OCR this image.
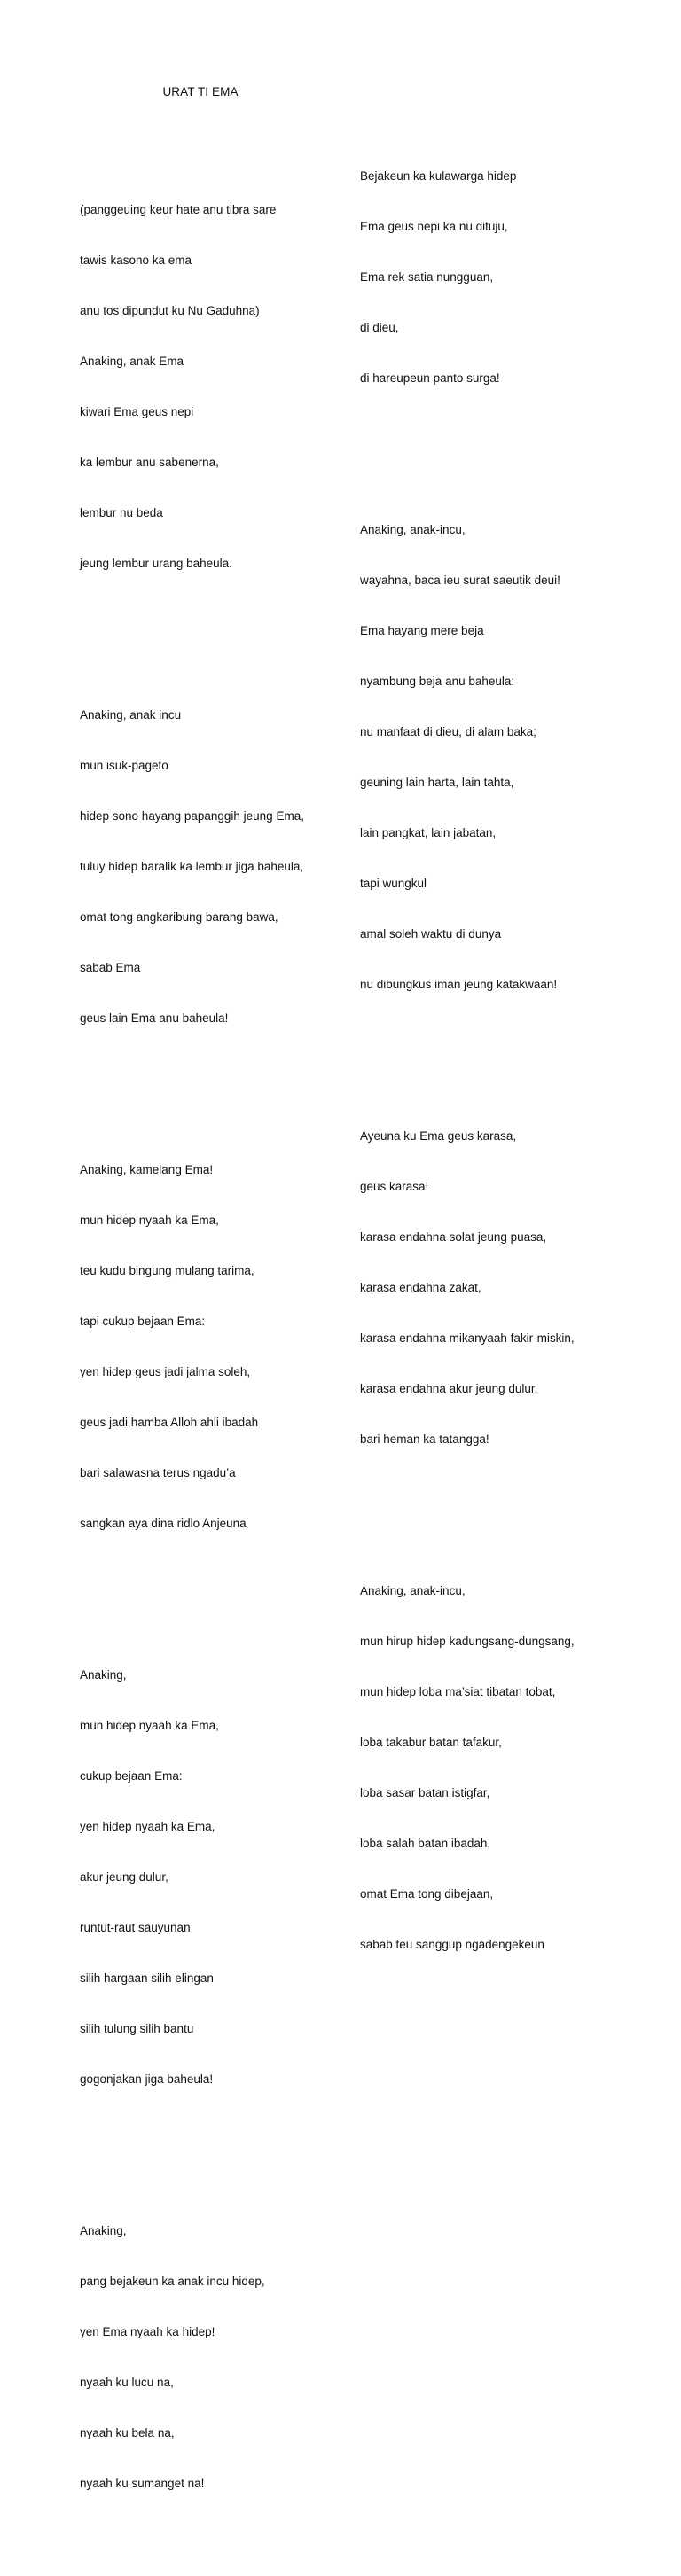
URAT TI EMA

(panggeuing keur hate anu tibra sare

tawis kasono ka ema

anu tos dipundut ku Nu Gaduhna)

Anaking, anak Ema

kiwari Ema geus nepi

ka lembur anu sabenerna,

lembur nu beda

jeung lembur urang baheula.

Anaking, anak incu

mun isuk-pageto

hidep sono hayang papanggih jeung Ema,

tuluy hidep baralik ka lembur jiga baheula,

omat tong angkaribung barang bawa,

sabab Ema

geus lain Ema anu baheula!

Anaking, kamelang Ema!

mun hidep nyaah ka Ema,

teu kudu bingung mulang tarima,

tapi cukup bejaan Ema:

yen hidep geus jadi jalma soleh,

geus jadi hamba Alloh ahli ibadah

bari salawasna terus ngadu’a

sangkan aya dina ridlo Anjeuna

Anaking,

mun hidep nyaah ka Ema,

cukup bejaan Ema:

yen hidep nyaah ka Ema,

akur jeung dulur,

runtut-raut sauyunan

silih hargaan silih elingan

silih tulung silih bantu

gogonjakan jiga baheula!

Anaking,

pang bejakeun ka anak incu hidep,

yen Ema nyaah ka hidep!

nyaah ku lucu na,

nyaah ku bela na,

nyaah ku sumanget na!

Bejakeun ka kulawarga hidep

Ema geus nepi ka nu dituju,

Ema rek satia nungguan,

di dieu,

di hareupeun panto surga!

Anaking, anak-incu,

wayahna, baca ieu surat saeutik deui!

Ema hayang mere beja

nyambung beja anu baheula:

nu manfaat di dieu, di alam baka;

geuning lain harta, lain tahta,

lain pangkat, lain jabatan,

tapi wungkul

amal soleh waktu di dunya

nu dibungkus iman jeung katakwaan!

Ayeuna ku Ema geus karasa,

geus karasa!

karasa endahna solat jeung puasa,

karasa endahna zakat,

karasa endahna mikanyaah fakir-miskin,

karasa endahna akur jeung dulur,

bari heman ka tatangga!

Anaking, anak-incu,

mun hirup hidep kadungsang-dungsang,

mun hidep loba ma’siat tibatan tobat,

loba takabur batan tafakur,

loba sasar batan istigfar,

loba salah batan ibadah,

omat Ema tong dibejaan,

sabab teu sanggup ngadengekeun
